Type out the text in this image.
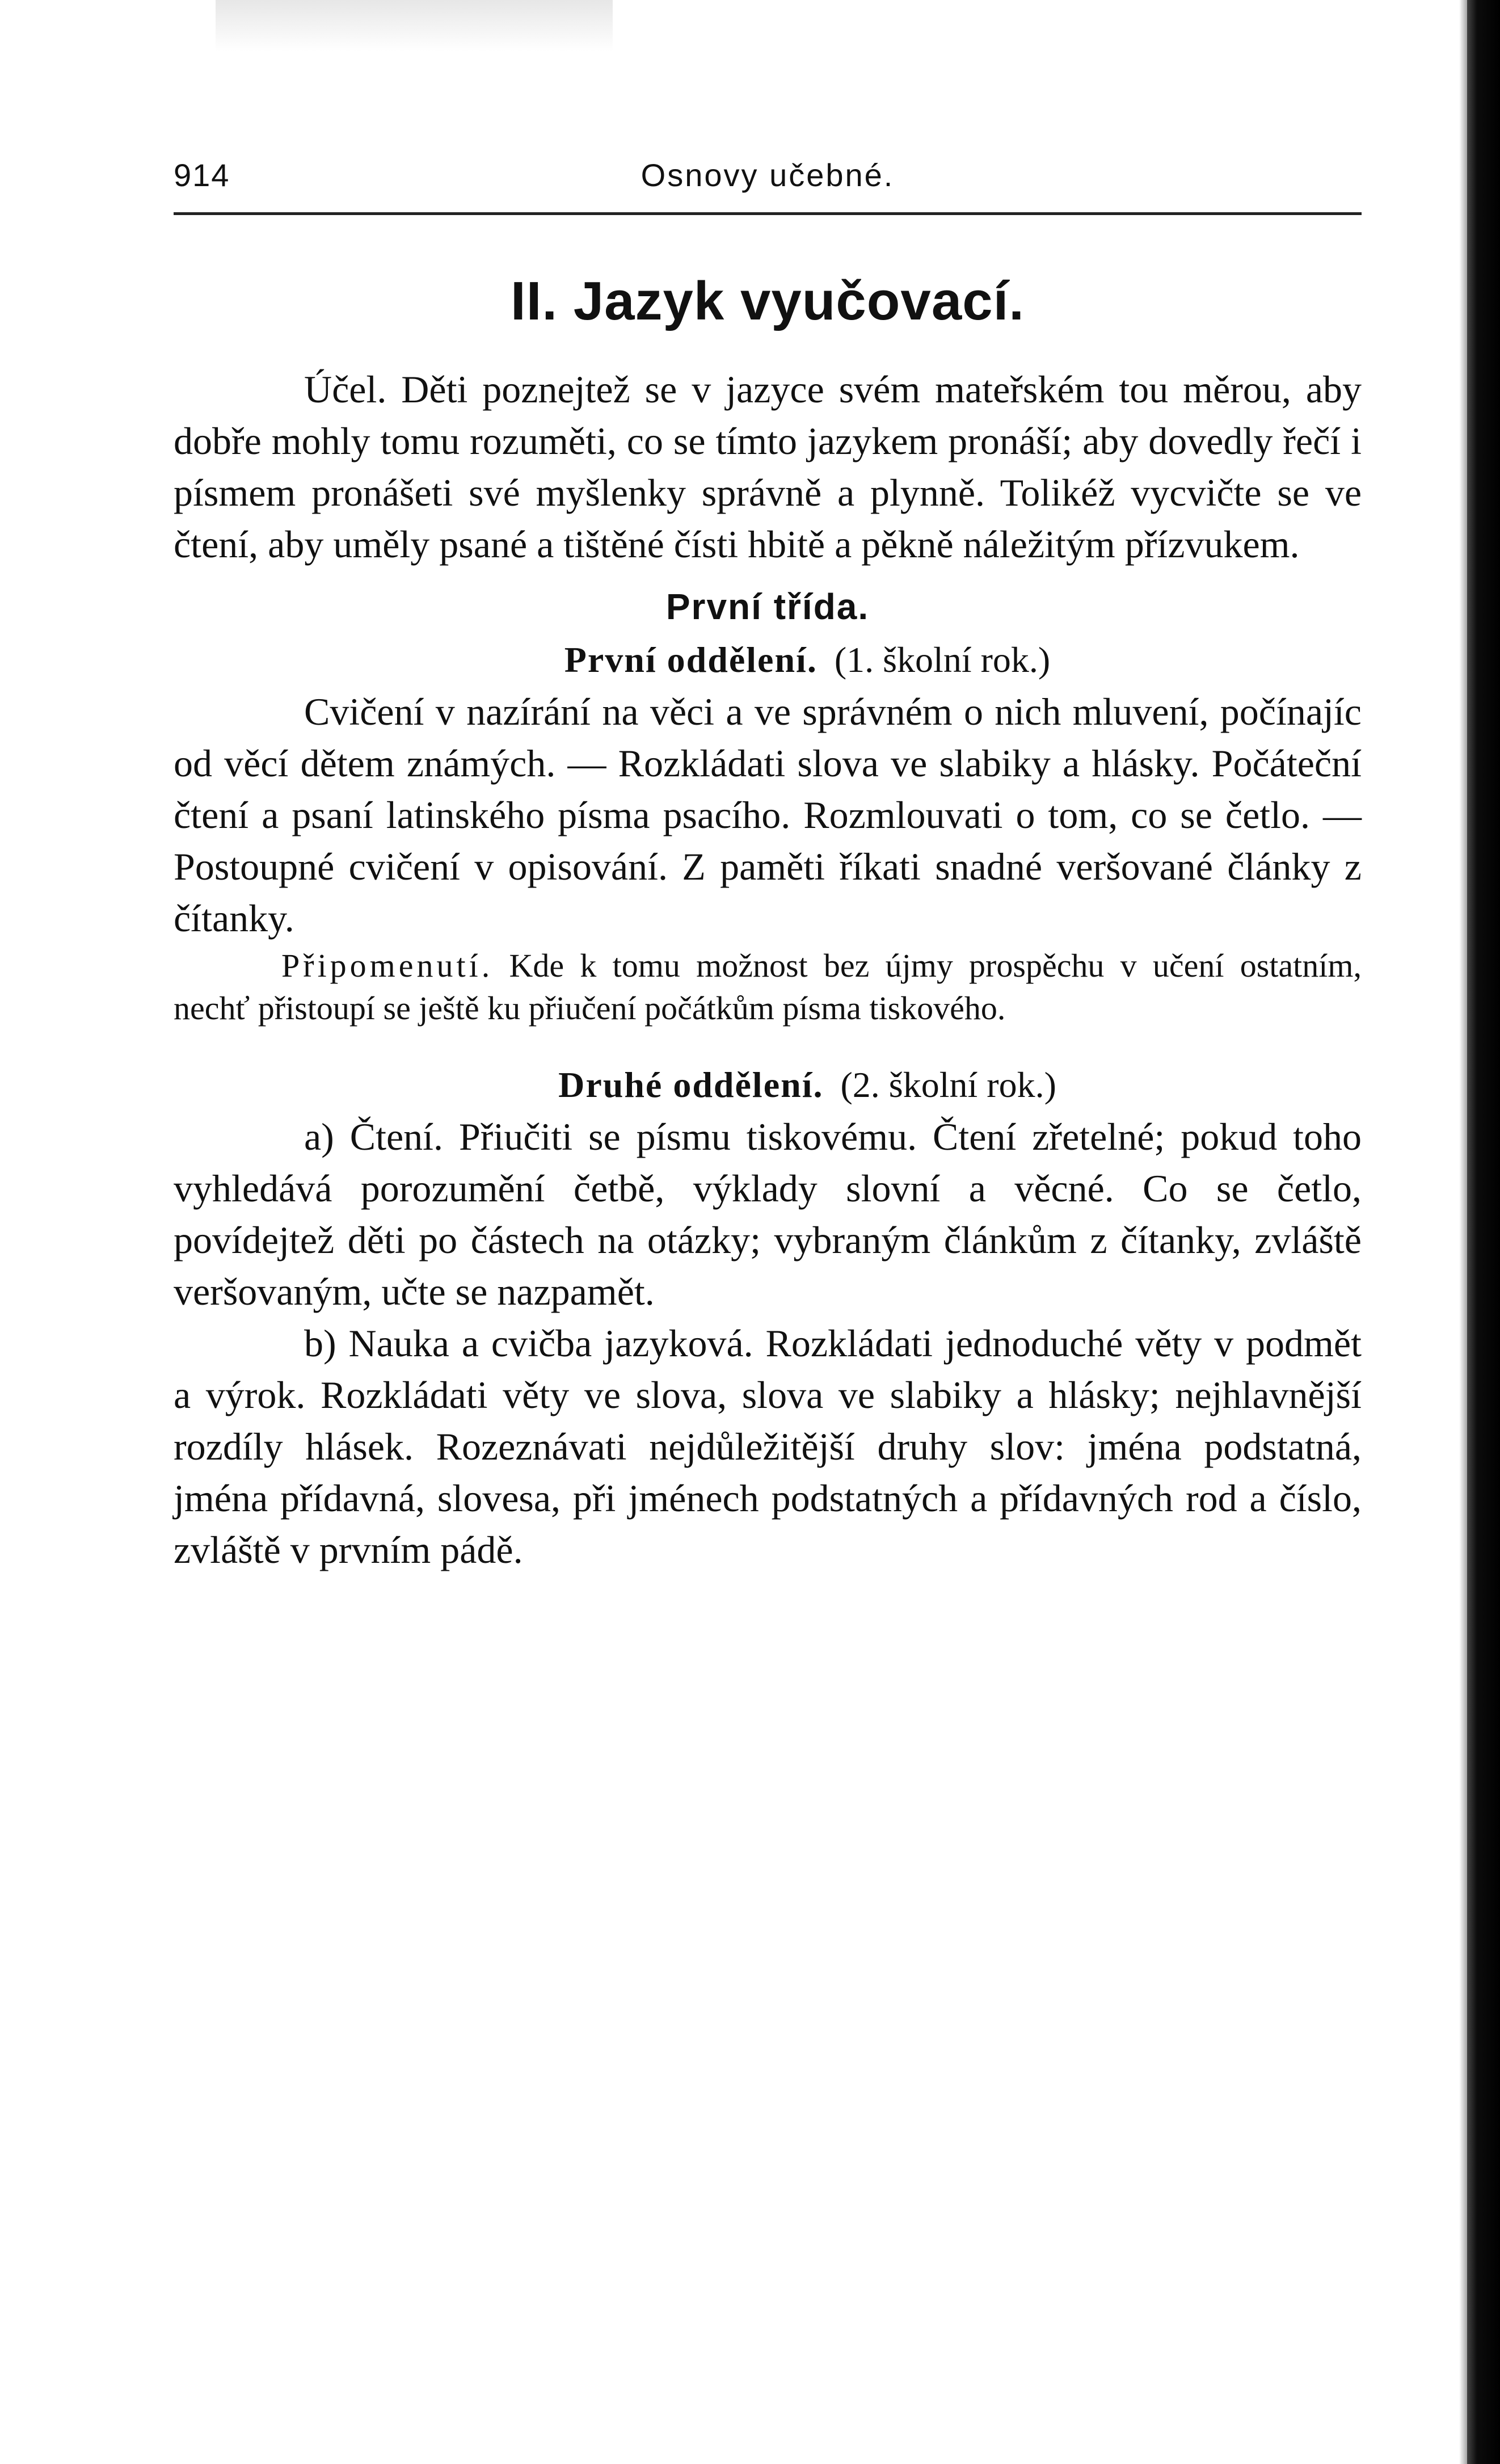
914	Osnovy učebné.
II. Jazyk vyučovací.

Účel. Děti poznejtež se v jazyce svém mateřském tou měrou, aby dobře mohly tomu rozuměti, co se tímto jazykem pronáší; aby dovedly řečí i písmem pronášeti své myšlenky správně a plynně. Tolikéž vycvičte se ve čtení, aby uměly psané a tištěné čísti hbitě a pěkně náležitým přízvukem.

První třída.
První oddělení. (1. školní rok.)

Cvičení v nazírání na věci a ve správném o nich mluvení, počínajíc od věcí dětem známých. — Rozkládati slova ve slabiky a hlásky. Počáteční čtení a psaní latinského písma psacího. Rozmlouvati o tom, co se četlo. — Postoupné cvičení v opisování. Z paměti říkati snadné veršované články z čítanky.

Připomenutí. Kde k tomu možnost bez újmy prospěchu v učení ostatním, nechť přistoupí se ještě ku přiučení počátkům písma tiskového.

Druhé oddělení. (2. školní rok.)

a) Čtení. Přiučiti se písmu tiskovému. Čtení zřetelné; pokud toho vyhledává porozumění četbě, výklady slovní a věcné. Co se četlo, povídejtež děti po částech na otázky; vybraným článkům z čítanky, zvláště veršovaným, učte se nazpamět.

b) Nauka a cvičba jazyková. Rozkládati jednoduché věty v podmět a výrok. Rozkládati věty ve slova, slova ve slabiky a hlásky; nejhlavnější rozdíly hlásek. Rozeznávati nejdůležitější druhy slov: jména podstatná, jména přídavná, slovesa, při jménech podstatných a přídavných rod a číslo, zvláště v prvním pádě.
